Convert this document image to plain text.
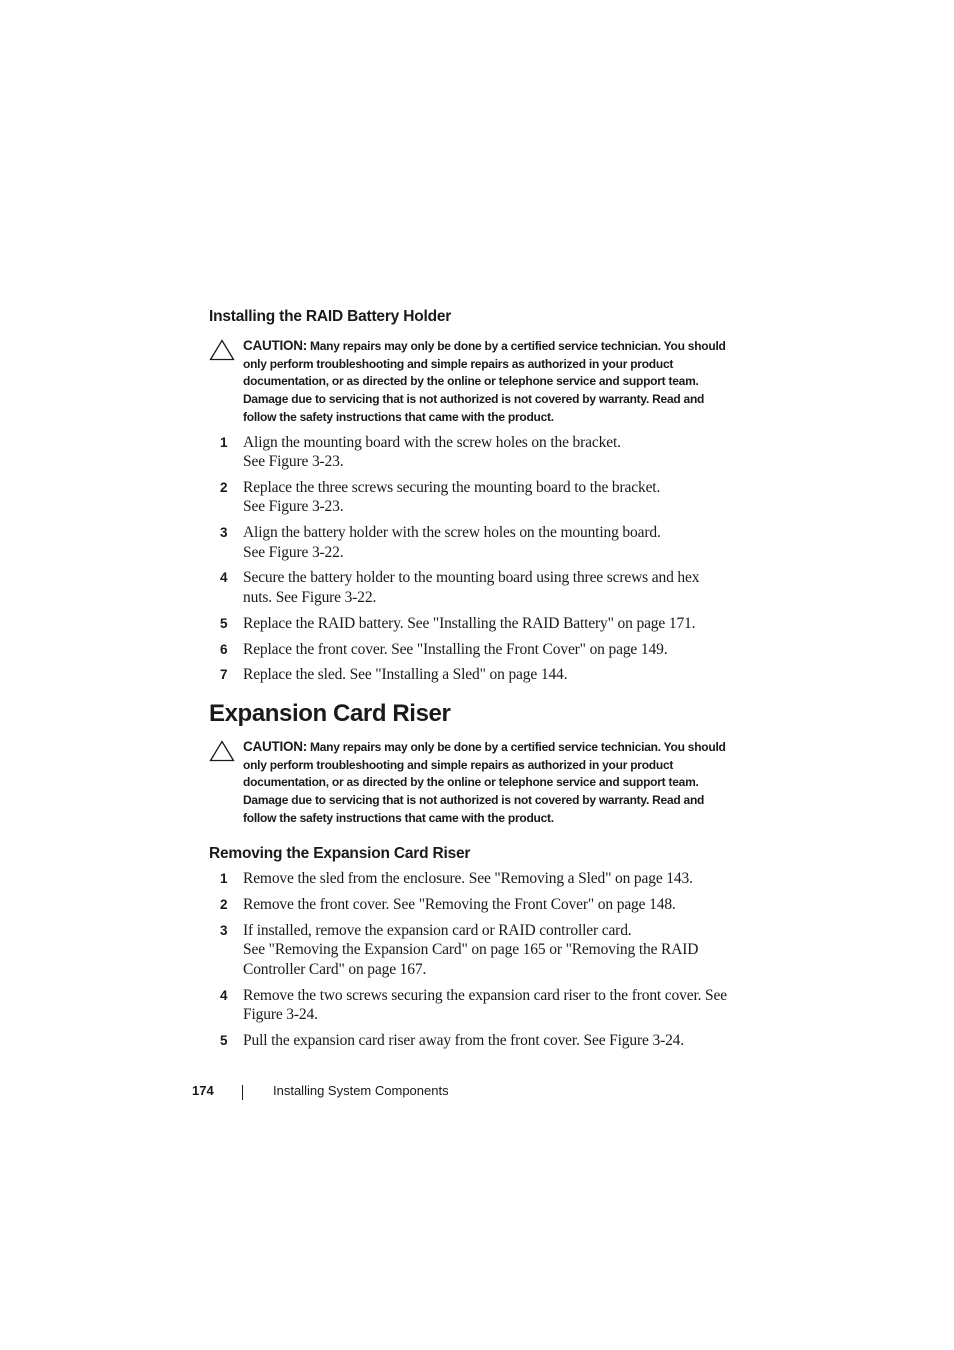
Installing the RAID Battery Holder
CAUTION: Many repairs may only be done by a certified service technician. You should only perform troubleshooting and simple repairs as authorized in your product documentation, or as directed by the online or telephone service and support team. Damage due to servicing that is not authorized is not covered by warranty. Read and follow the safety instructions that came with the product.
1 Align the mounting board with the screw holes on the bracket.
See Figure 3-23.
2 Replace the three screws securing the mounting board to the bracket.
See Figure 3-23.
3 Align the battery holder with the screw holes on the mounting board.
See Figure 3-22.
4 Secure the battery holder to the mounting board using three screws and hex nuts. See Figure 3-22.
5 Replace the RAID battery. See "Installing the RAID Battery" on page 171.
6 Replace the front cover. See "Installing the Front Cover" on page 149.
7 Replace the sled. See "Installing a Sled" on page 144.
Expansion Card Riser
CAUTION: Many repairs may only be done by a certified service technician. You should only perform troubleshooting and simple repairs as authorized in your product documentation, or as directed by the online or telephone service and support team. Damage due to servicing that is not authorized is not covered by warranty. Read and follow the safety instructions that came with the product.
Removing the Expansion Card Riser
1 Remove the sled from the enclosure. See "Removing a Sled" on page 143.
2 Remove the front cover. See "Removing the Front Cover" on page 148.
3 If installed, remove the expansion card or RAID controller card.
See "Removing the Expansion Card" on page 165 or "Removing the RAID Controller Card" on page 167.
4 Remove the two screws securing the expansion card riser to the front cover. See Figure 3-24.
5 Pull the expansion card riser away from the front cover. See Figure 3-24.
174	Installing System Components
